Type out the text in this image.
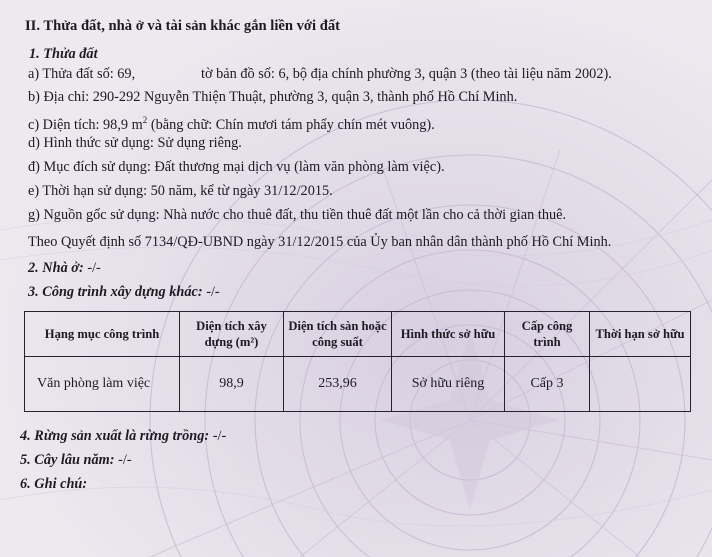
II. Thửa đất, nhà ở và tài sản khác gắn liền với đất
1. Thửa đất
a) Thửa đất số: 69,	tờ bản đồ số: 6, bộ địa chính phường 3, quận 3 (theo tài liệu năm 2002).
b) Địa chỉ: 290-292 Nguyễn Thiện Thuật, phường 3, quận 3, thành phố Hồ Chí Minh.
c) Diện tích: 98,9 $m^2$ (bằng chữ: Chín mươi tám phẩy chín mét vuông).
d) Hình thức sử dụng: Sử dụng riêng.
đ) Mục đích sử dụng: Đất thương mại dịch vụ (làm văn phòng làm việc).
e) Thời hạn sử dụng: 50 năm, kể từ ngày 31/12/2015.
g) Nguồn gốc sử dụng: Nhà nước cho thuê đất, thu tiền thuê đất một lần cho cả thời gian thuê.
Theo Quyết định số 7134/QĐ-UBND ngày 31/12/2015 của Ủy ban nhân dân thành phố Hồ Chí Minh.
2. Nhà ở: -/-
3. Công trình xây dựng khác: -/-
Hạng mục công trình	Diện tích xây dựng (m²)	Diện tích sàn hoặc công suất	Hình thức sở hữu	Cấp công trình	Thời hạn sở hữu
Văn phòng làm việc	98,9	253,96	Sở hữu riêng	Cấp 3	
4. Rừng sản xuất là rừng trồng: -/-
5. Cây lâu năm: -/-
6. Ghi chú:
